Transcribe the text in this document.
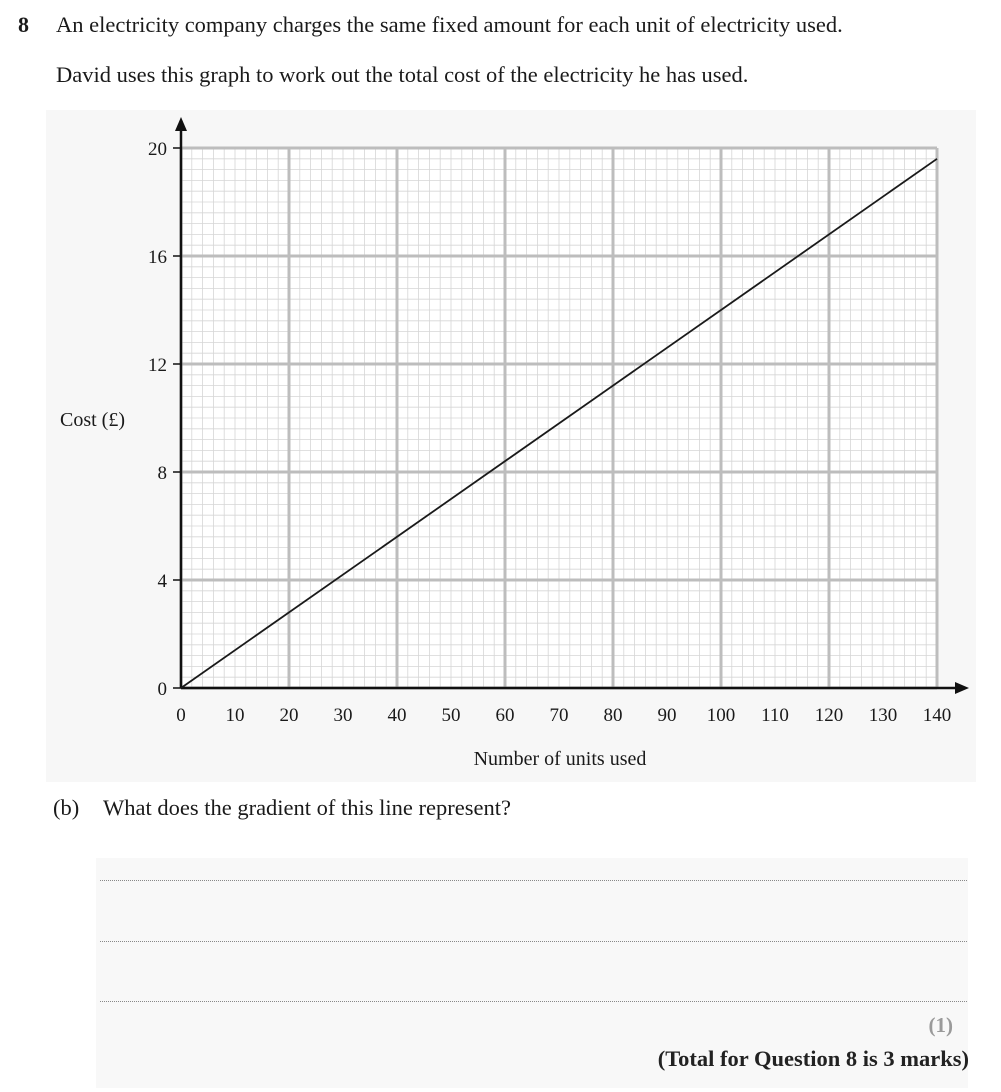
8 An electricity company charges the same fixed amount for each unit of electricity used.
David uses this graph to work out the total cost of the electricity he has used.
0
4
8
12
16
20
0 10 20 30 40 50 60 70 80 90 100 110 120 130 140
Number of units used
Cost (£)
(b) What does the gradient of this line represent?
(1)
(Total for Question 8 is 3 marks)
